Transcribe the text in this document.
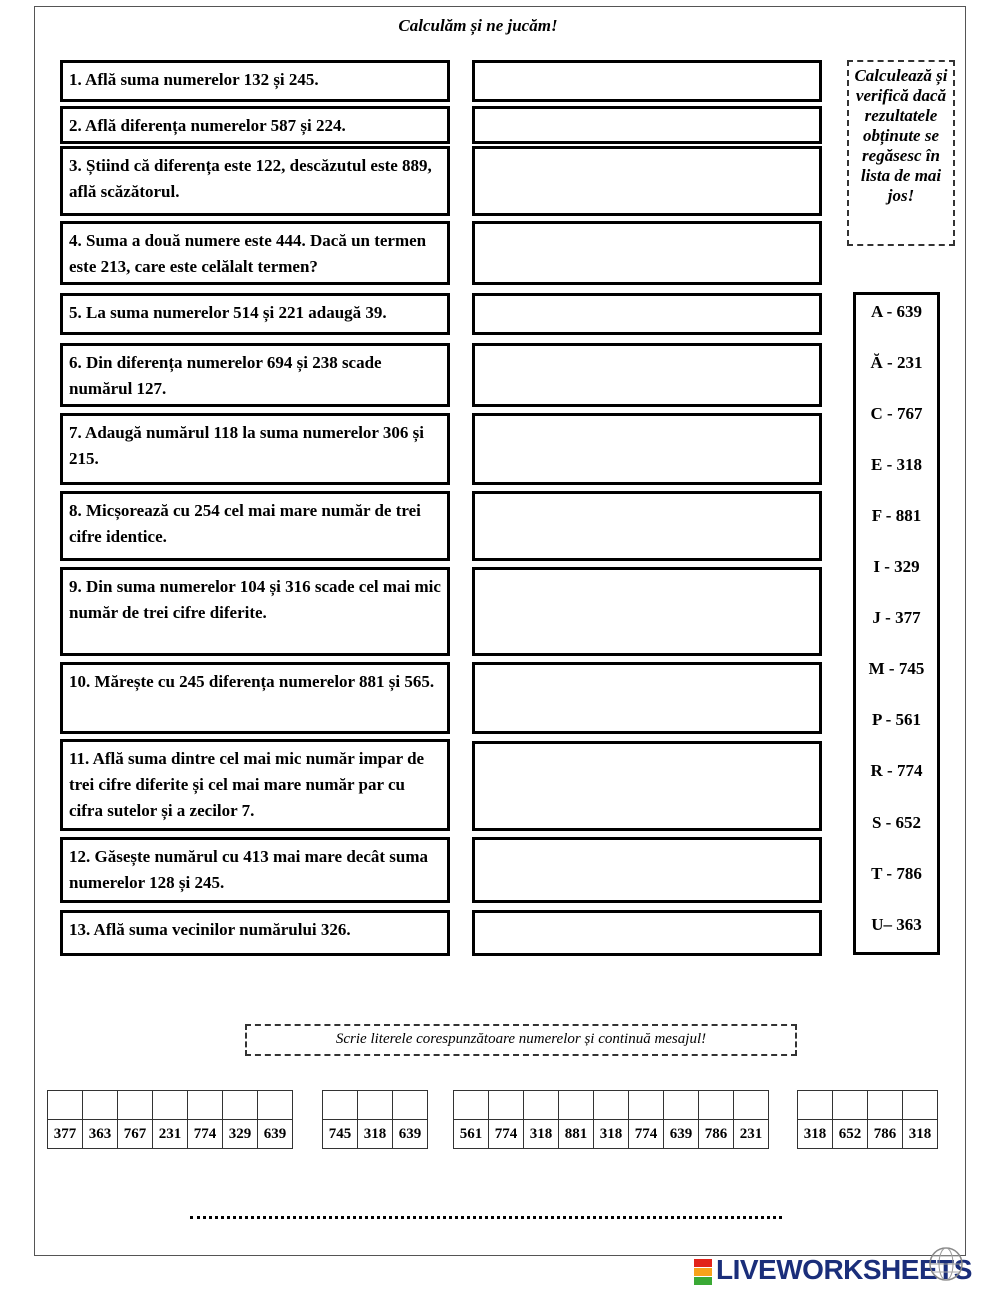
Calculăm și ne jucăm!
1. Află suma numerelor 132 și 245.
2. Află diferența numerelor 587 și 224.
3. Știind că diferența este 122, descăzutul este 889, află scăzătorul.
4. Suma a două numere este 444. Dacă un termen este 213, care este celălalt termen?
5. La suma numerelor 514 și 221 adaugă 39.
6. Din diferența numerelor 694 și 238 scade numărul 127.
7. Adaugă numărul 118 la suma numerelor 306 și 215.
8. Micșorează cu 254 cel mai mare număr de trei cifre identice.
9. Din suma numerelor 104 și 316 scade cel mai mic număr de trei cifre diferite.
10. Mărește cu 245 diferența numerelor 881 și 565.
11. Află suma dintre cel mai mic număr impar de trei cifre diferite și cel mai mare număr par cu cifra sutelor și a zecilor 7.
12. Găsește numărul cu 413 mai mare decât suma numerelor 128 și 245.
13. Află suma vecinilor numărului 326.
Calculează și verifică dacă rezultatele obținute se regăsesc în lista de mai jos!
A - 639
Ă - 231
C - 767
E - 318
F - 881
I - 329
J - 377
M - 745
P - 561
R - 774
S - 652
T - 786
U– 363
Scrie literele corespunzătoare numerelor și continuă mesajul!

377	363	767	231	774	329	639
			745	318	639
									561	774	318	881	318	774	639	786	231
				318	652	786	318
LIVEWORKSHEETS
